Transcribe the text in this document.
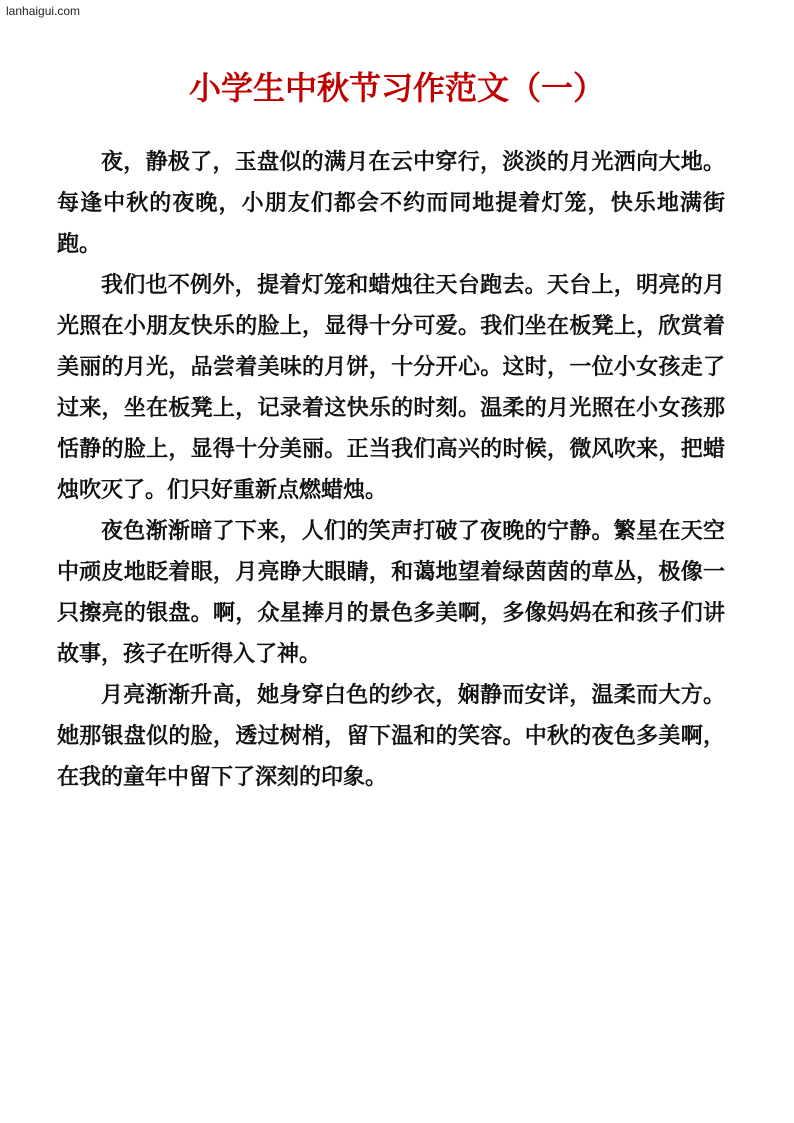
lanhaigui.com
小学生中秋节习作范文（一）

夜，静极了，玉盘似的满月在云中穿行，淡淡的月光洒向大地。每逢中秋的夜晚，小朋友们都会不约而同地提着灯笼，快乐地满街跑。

我们也不例外，提着灯笼和蜡烛往天台跑去。天台上，明亮的月光照在小朋友快乐的脸上，显得十分可爱。我们坐在板凳上，欣赏着美丽的月光，品尝着美味的月饼，十分开心。这时，一位小女孩走了过来，坐在板凳上，记录着这快乐的时刻。温柔的月光照在小女孩那恬静的脸上，显得十分美丽。正当我们高兴的时候，微风吹来，把蜡烛吹灭了。们只好重新点燃蜡烛。

夜色渐渐暗了下来，人们的笑声打破了夜晚的宁静。繁星在天空中顽皮地眨着眼，月亮睁大眼睛，和蔼地望着绿茵茵的草丛，极像一只擦亮的银盘。啊，众星捧月的景色多美啊，多像妈妈在和孩子们讲故事，孩子在听得入了神。

月亮渐渐升高，她身穿白色的纱衣，娴静而安详，温柔而大方。她那银盘似的脸，透过树梢，留下温和的笑容。中秋的夜色多美啊，在我的童年中留下了深刻的印象。
